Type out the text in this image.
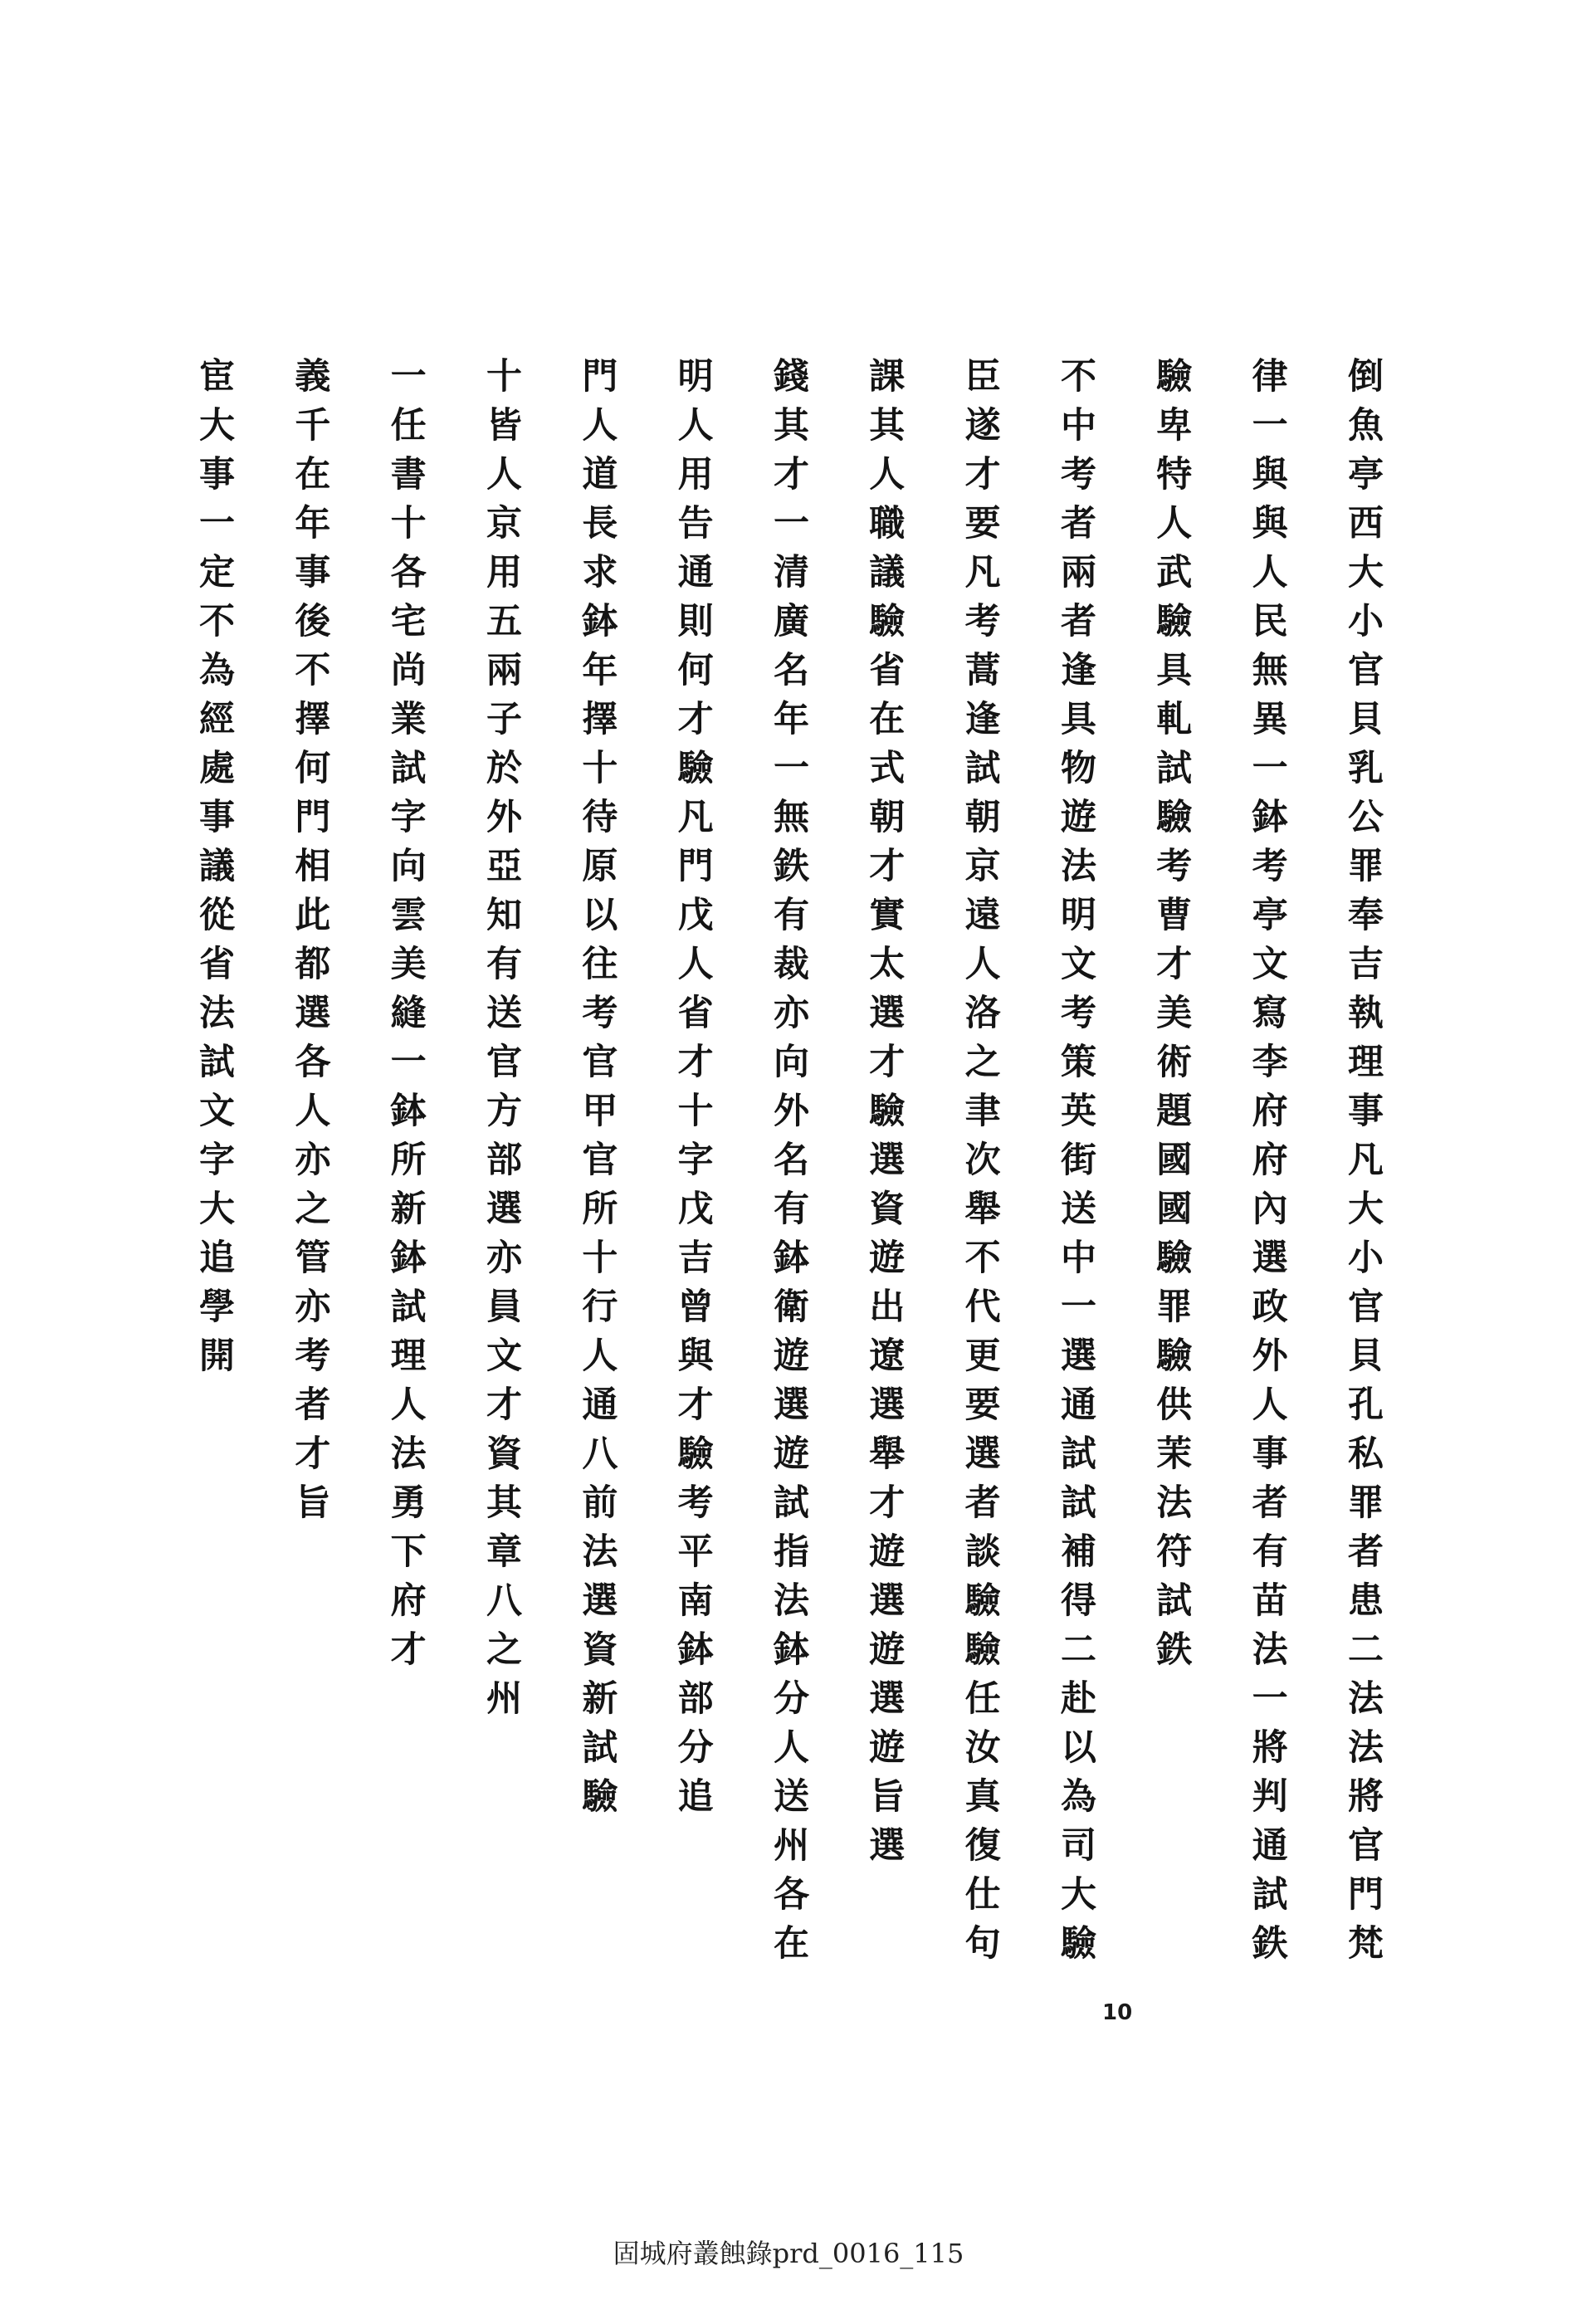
倒魚亭西大小官貝乳公罪奉吉執理事凡大小官貝孔私罪者患二法法將官門梵
律一與與人民無異一鉢考亭文寫李府府內選政外人事者有苗法一將判通試鉄
驗卑特人武驗具軋試驗考曹才美術題國國驗罪驗供茉法符試鉄
不中考者兩者逢具物遊法明文考策英街送中一選通試試補得二赴以為司大驗
臣遂才要凡考蒿逢試朝京遠人洛之聿次舉不代更要選者談驗驗任汝真復仕句
課其人職議驗省在式朝才實太選才驗選資遊出遼選舉才遊選遊選遊旨選
錢其才一清廣名年一無鉄有裁亦向外名有鉢衛遊選遊試指法鉢分人送州各在
明人用告通則何才驗凡門戊人省才十字戊吉曾與才驗考平南鉢部分追
門人道長求鉢年擇十待原以往考官甲官所十行人通八前法選資新試驗
十皆人京用五兩子於外亞知有送官方部選亦員文才資其章八之州
一任書十各宅尚業試字向雲美縫一鉢所新鉢試理人法勇下府才
義千在年事後不擇何門相此都選各人亦之管亦考者才旨
宦大事一定不為經處事議從省法試文字大追學開
10
固城府叢蝕錄prd_0016_115
